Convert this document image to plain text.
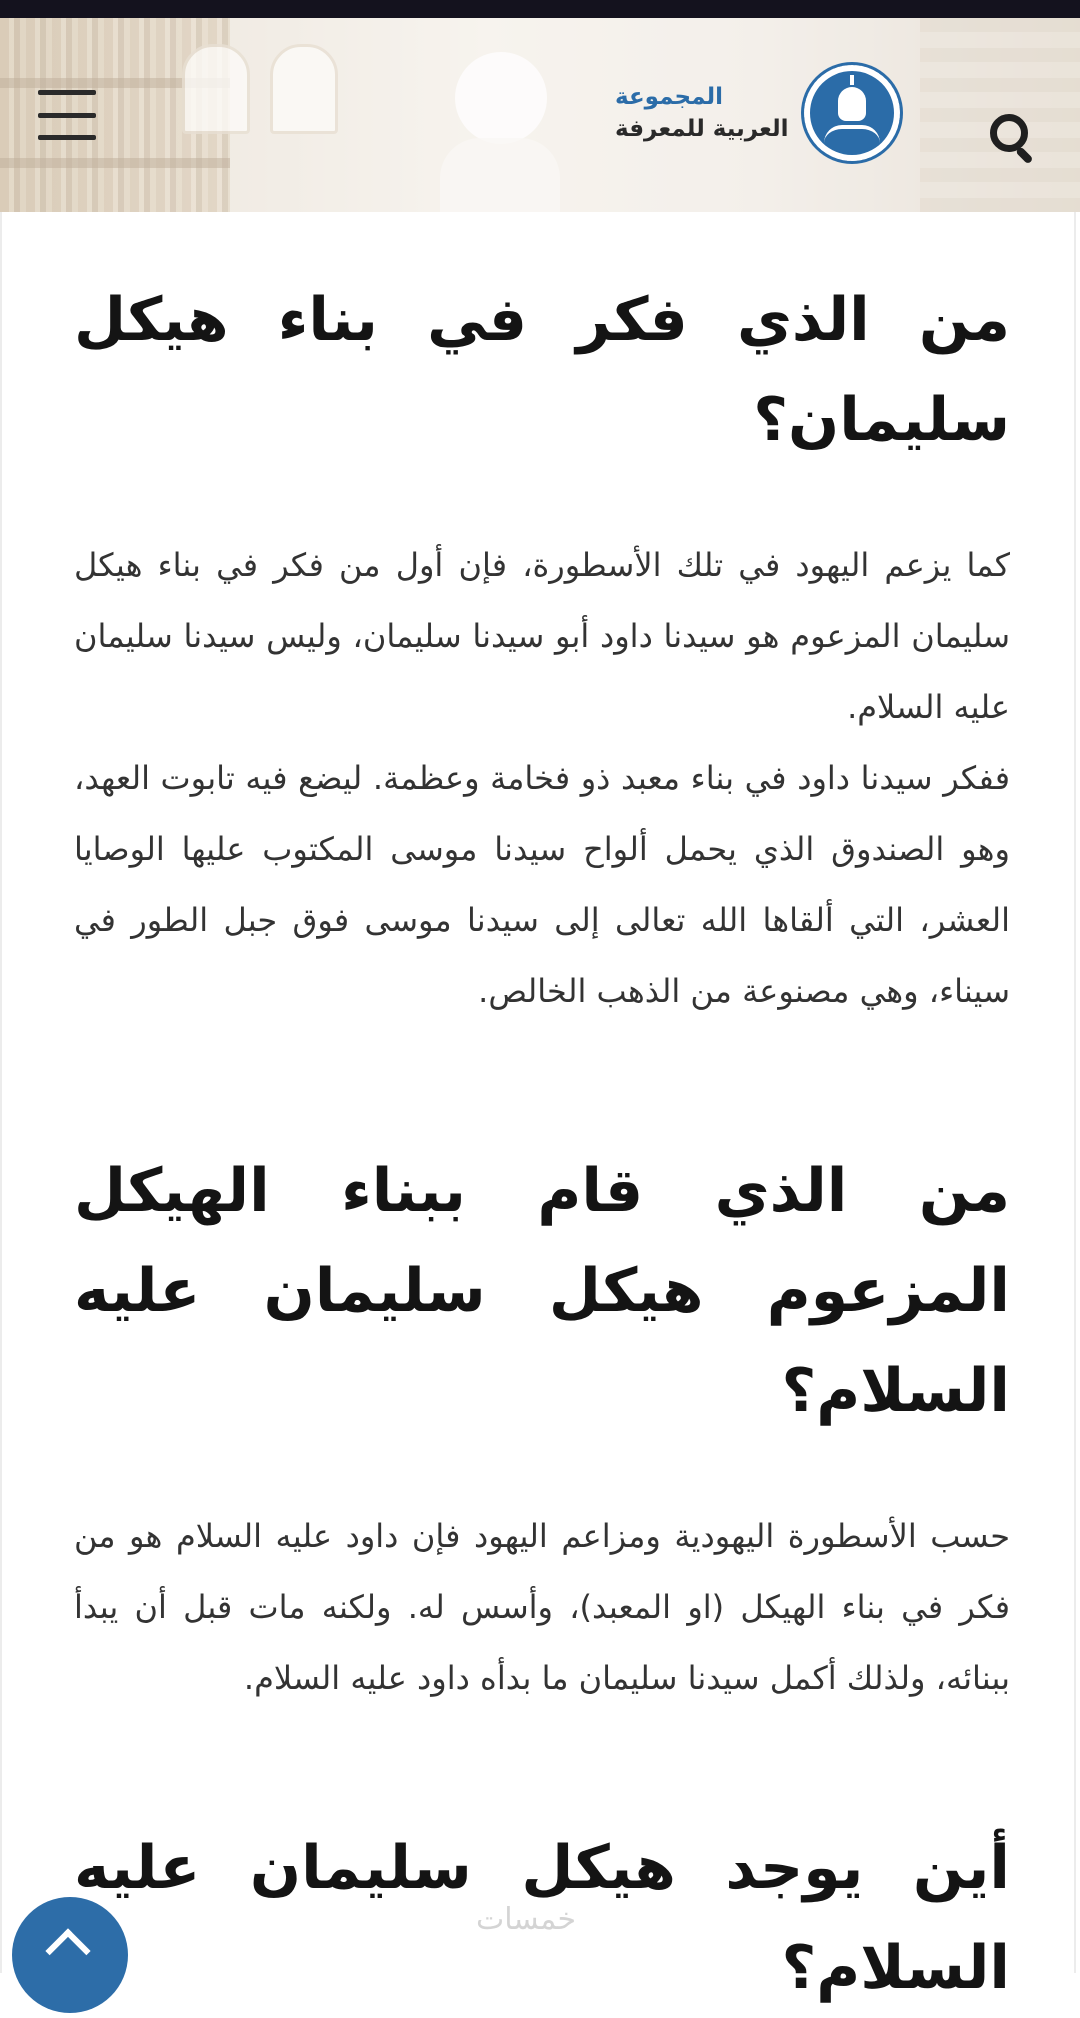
المجموعة
العربية للمعرفة
من الذي فكر في بناء هيكل سليمان؟

كما يزعم اليهود في تلك الأسطورة، فإن أول من فكر في بناء هيكل سليمان المزعوم هو سيدنا داود أبو سيدنا سليمان، وليس سيدنا سليمان عليه السلام.

ففكر سيدنا داود في بناء معبد ذو فخامة وعظمة. ليضع فيه تابوت العهد، وهو الصندوق الذي يحمل ألواح سيدنا موسى المكتوب عليها الوصايا العشر، التي ألقاها الله تعالى إلى سيدنا موسى فوق جبل الطور في سيناء، وهي مصنوعة من الذهب الخالص.

من الذي قام ببناء الهيكل المزعوم هيكل سليمان عليه السلام؟

حسب الأسطورة اليهودية ومزاعم اليهود فإن داود عليه السلام هو من فكر في بناء الهيكل (او المعبد)، وأسس له. ولكنه مات قبل أن يبدأ ببنائه، ولذلك أكمل سيدنا سليمان ما بدأه داود عليه السلام.

أين يوجد هيكل سليمان عليه السلام؟
خمسات
